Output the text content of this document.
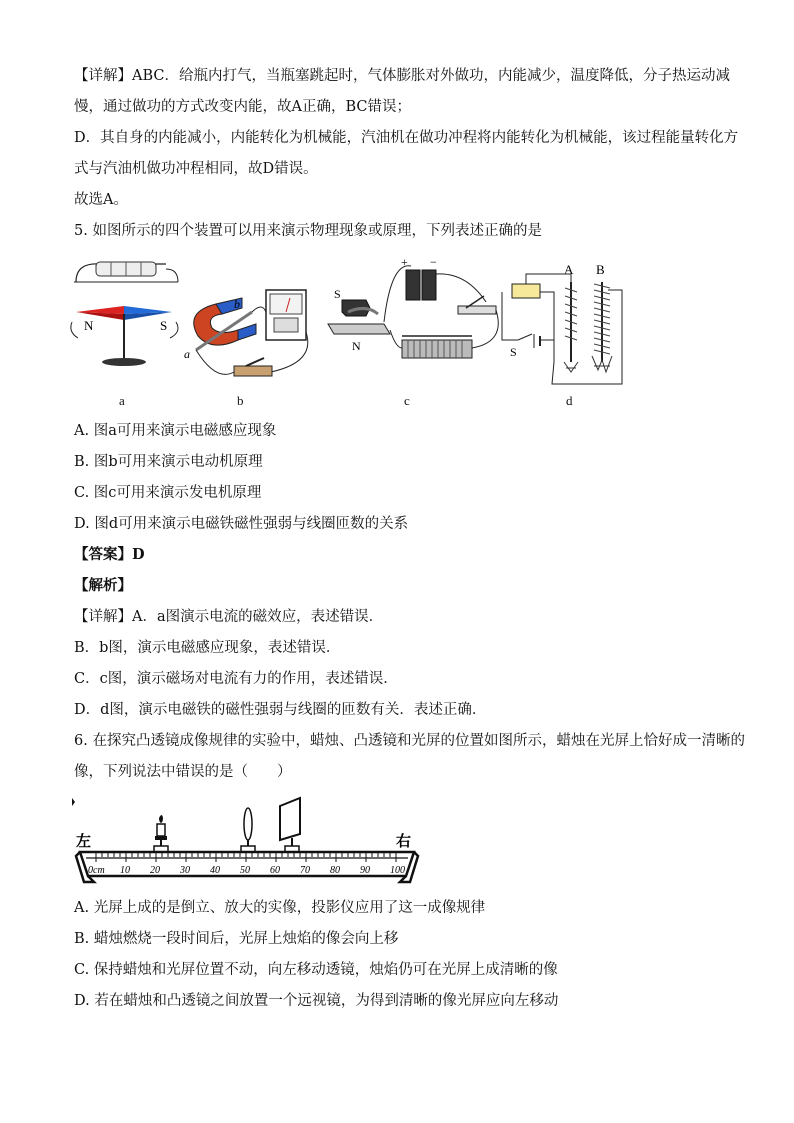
【详解】ABC．给瓶内打气，当瓶塞跳起时，气体膨胀对外做功，内能减少，温度降低，分子热运动减
慢，通过做功的方式改变内能，故A正确，BC错误；
D．其自身的内能减小，内能转化为机械能，汽油机在做功冲程将内能转化为机械能，该过程能量转化方
式与汽油机做功冲程相同，故D错误。
故选A。
5. 如图所示的四个装置可以用来演示物理现象或原理，下列表述正确的是
N	S
a
b
+ −
S
N
A B
S
a	b	c	d
A. 图a可用来演示电磁感应现象
B. 图b可用来演示电动机原理
C. 图c可用来演示发电机原理
D. 图d可用来演示电磁铁磁性强弱与线圈匝数的关系
【答案】D
【解析】
【详解】A．a图演示电流的磁效应，表述错误．
B．b图，演示电磁感应现象，表述错误．
C．c图，演示磁场对电流有力的作用，表述错误．
D．d图，演示电磁铁的磁性强弱与线圈的匝数有关．表述正确．
6. 在探究凸透镜成像规律的实验中，蜡烛、凸透镜和光屏的位置如图所示，蜡烛在光屏上恰好成一清晰的
像，下列说法中错误的是（　　）
0cm 10 20 30 40 50 60 70 80 90 100
左	右
A. 光屏上成的是倒立、放大的实像，投影仪应用了这一成像规律
B. 蜡烛燃烧一段时间后，光屏上烛焰的像会向上移
C. 保持蜡烛和光屏位置不动，向左移动透镜，烛焰仍可在光屏上成清晰的像
D. 若在蜡烛和凸透镜之间放置一个远视镜，为得到清晰的像光屏应向左移动
